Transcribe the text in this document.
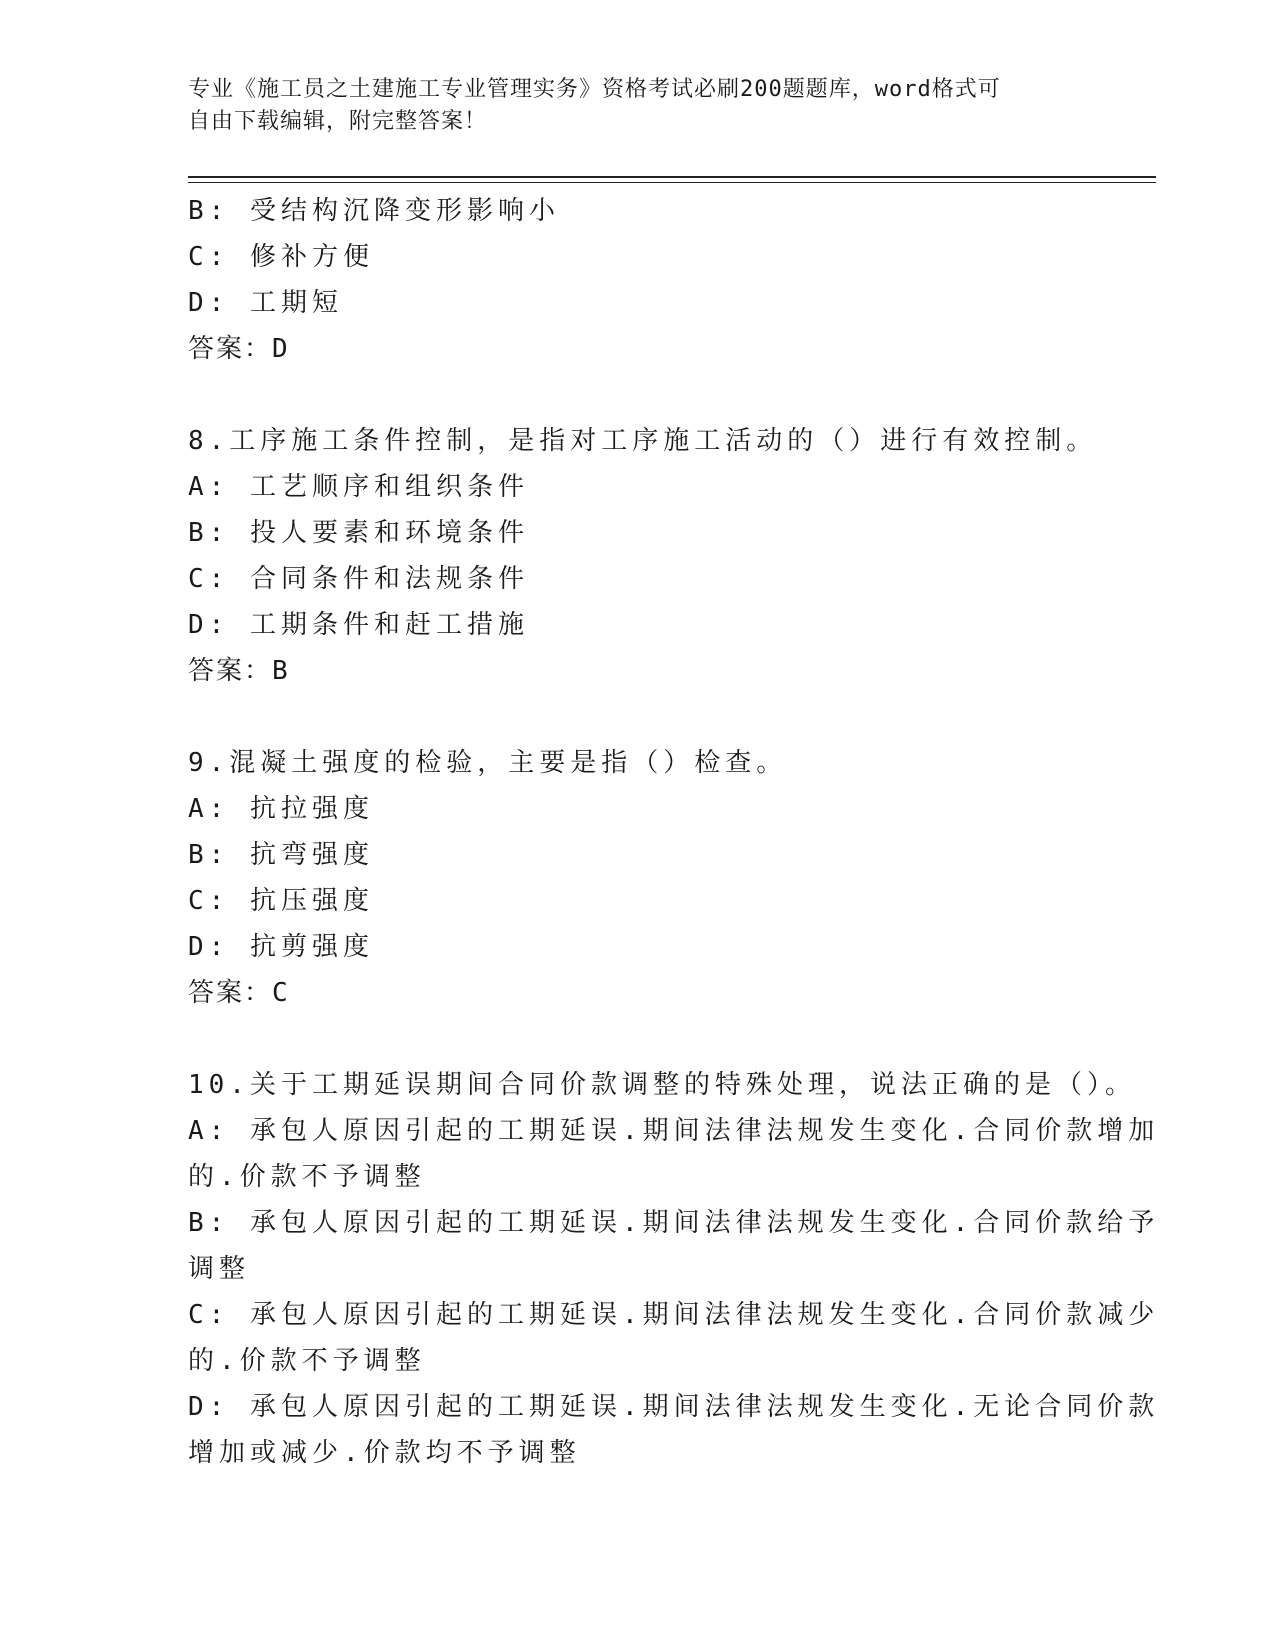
专业《施工员之土建施工专业管理实务》资格考试必刷200题题库，word格式可
自由下载编辑，附完整答案！

B: 受结构沉降变形影响小

C: 修补方便

D: 工期短

答案：D

8.工序施工条件控制，是指对工序施工活动的（）进行有效控制。

A: 工艺顺序和组织条件

B: 投人要素和环境条件

C: 合同条件和法规条件

D: 工期条件和赶工措施

答案：B

9.混凝土强度的检验，主要是指（）检查。

A: 抗拉强度

B: 抗弯强度

C: 抗压强度

D: 抗剪强度

答案：C

10.关于工期延误期间合同价款调整的特殊处理，说法正确的是（）。

A: 承包人原因引起的工期延误.期间法律法规发生变化.合同价款增加

的.价款不予调整

B: 承包人原因引起的工期延误.期间法律法规发生变化.合同价款给予

调整

C: 承包人原因引起的工期延误.期间法律法规发生变化.合同价款减少

的.价款不予调整

D: 承包人原因引起的工期延误.期间法律法规发生变化.无论合同价款

增加或减少.价款均不予调整
